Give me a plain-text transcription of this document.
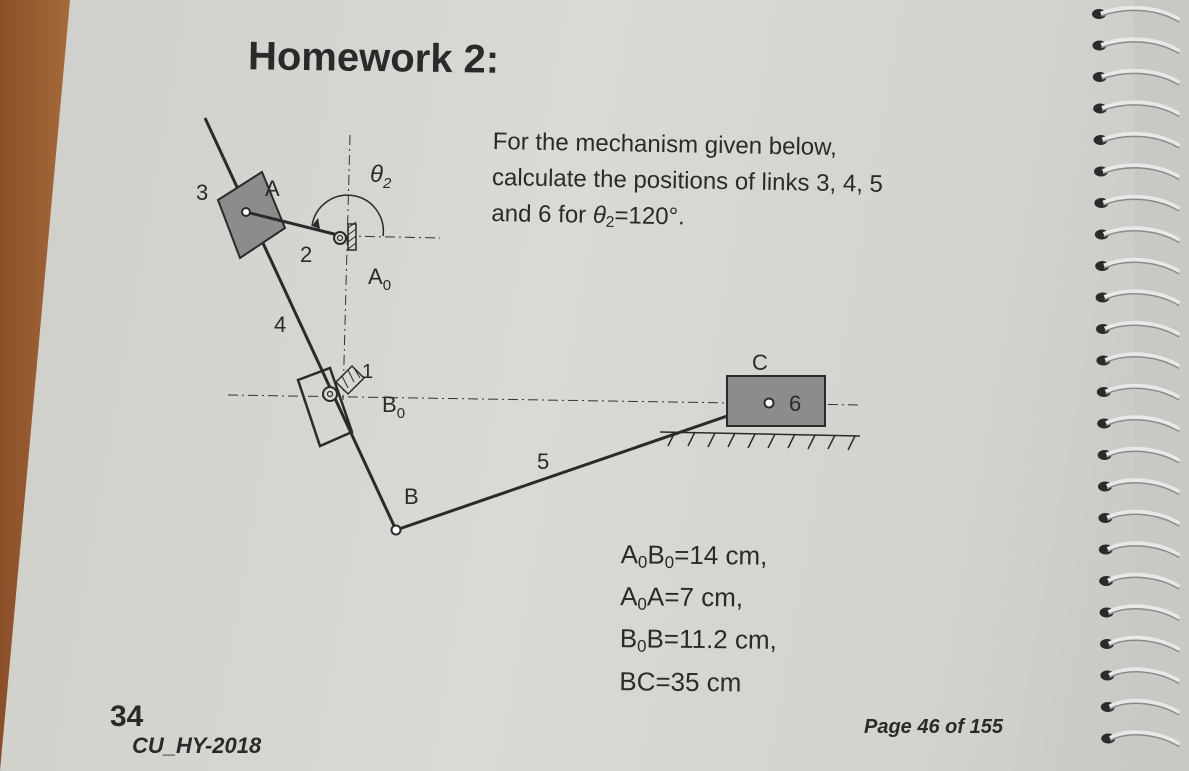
Homework 2:
For the mechanism given below,
calculate the positions of links 3, 4, 5
and 6 for $\theta_2=120^\circ$.
3	A
2
4
1
$\theta_2$
$A_0$
$B_0$
B
5
C
6
$A_0B_0=14$ cm,
$A_0A=7$ cm,
$B_0B=11.2$ cm,
BC=35 cm
34
CU_HY-2018
Page 46 of 155
